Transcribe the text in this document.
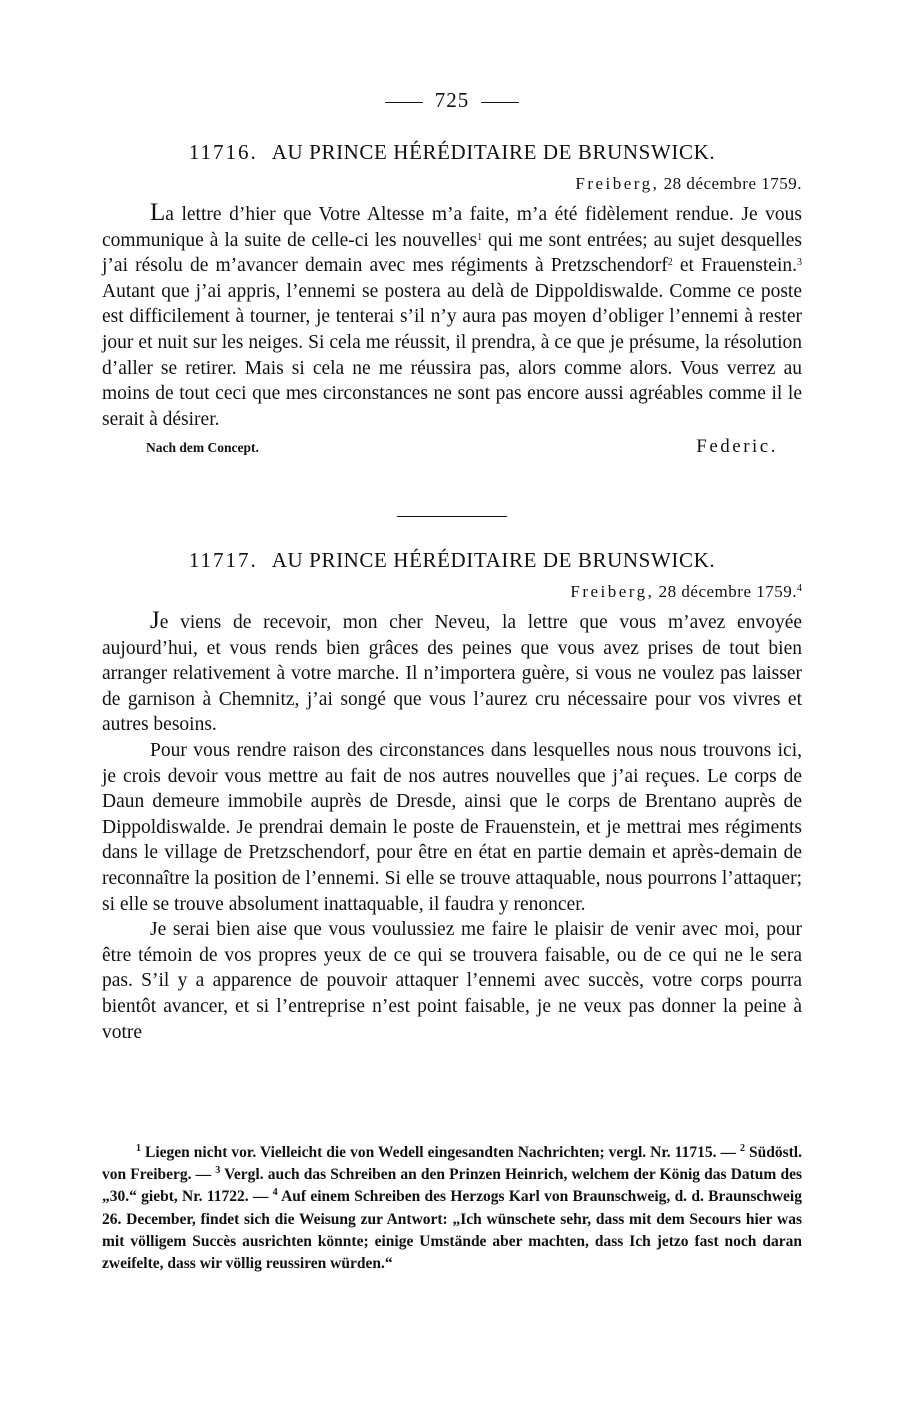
725

11716. AU PRINCE HÉRÉDITAIRE DE BRUNSWICK.

Freiberg, 28 décembre 1759.

La lettre d’hier que Votre Altesse m’a faite, m’a été fidèlement rendue. Je vous communique à la suite de celle-ci les nouvelles$^1$ qui me sont entrées; au sujet desquelles j’ai résolu de m’avancer demain avec mes régiments à Pretzschendorf$^2$ et Frauenstein.$^3$ Autant que j’ai appris, l’ennemi se postera au delà de Dippoldiswalde. Comme ce poste est difficilement à tourner, je tenterai s’il n’y aura pas moyen d’obliger l’ennemi à rester jour et nuit sur les neiges. Si cela me réussit, il prendra, à ce que je présume, la résolution d’aller se retirer. Mais si cela ne me réussira pas, alors comme alors. Vous verrez au moins de tout ceci que mes circonstances ne sont pas encore aussi agréables comme il le serait à désirer.

Nach dem Concept.	Federic.

11717. AU PRINCE HÉRÉDITAIRE DE BRUNSWICK.

Freiberg, 28 décembre 1759.$^4$

Je viens de recevoir, mon cher Neveu, la lettre que vous m’avez envoyée aujourd’hui, et vous rends bien grâces des peines que vous avez prises de tout bien arranger relativement à votre marche. Il n’importera guère, si vous ne voulez pas laisser de garnison à Chemnitz, j’ai songé que vous l’aurez cru nécessaire pour vos vivres et autres besoins.

Pour vous rendre raison des circonstances dans lesquelles nous nous trouvons ici, je crois devoir vous mettre au fait de nos autres nouvelles que j’ai reçues. Le corps de Daun demeure immobile auprès de Dresde, ainsi que le corps de Brentano auprès de Dippoldiswalde. Je prendrai demain le poste de Frauenstein, et je mettrai mes régiments dans le village de Pretzschendorf, pour être en état en partie demain et après-demain de reconnaître la position de l’ennemi. Si elle se trouve attaquable, nous pourrons l’attaquer; si elle se trouve absolument inattaquable, il faudra y renoncer.

Je serai bien aise que vous voulussiez me faire le plaisir de venir avec moi, pour être témoin de vos propres yeux de ce qui se trouvera faisable, ou de ce qui ne le sera pas. S’il y a apparence de pouvoir attaquer l’ennemi avec succès, votre corps pourra bientôt avancer, et si l’entreprise n’est point faisable, je ne veux pas donner la peine à votre

$^1$ Liegen nicht vor. Vielleicht die von Wedell eingesandten Nachrichten; vergl. Nr. 11715. — $^2$ Südöstl. von Freiberg. — $^3$ Vergl. auch das Schreiben an den Prinzen Heinrich, welchem der König das Datum des „30.“ giebt, Nr. 11722. — $^4$ Auf einem Schreiben des Herzogs Karl von Braunschweig, d. d. Braunschweig 26. December, findet sich die Weisung zur Antwort: „Ich wünschete sehr, dass mit dem Secours hier was mit völligem Succès ausrichten könnte; einige Umstände aber machten, dass Ich jetzo fast noch daran zweifelte, dass wir völlig reussiren würden.“
